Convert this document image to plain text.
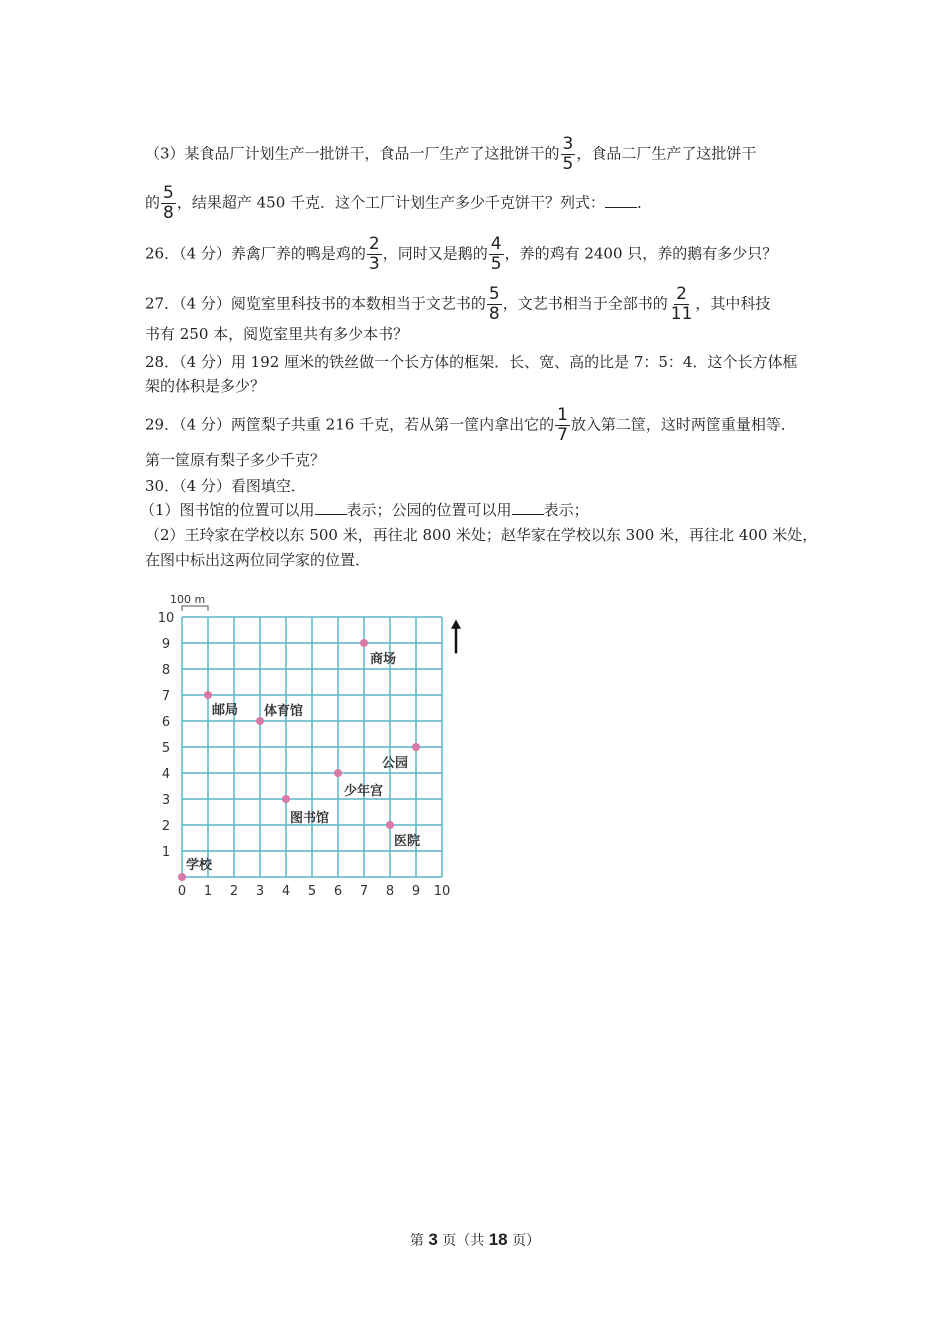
（3）某食品厂计划生产一批饼干，食品一厂生产了这批饼干的 $\frac{3}{5}$ ，食品二厂生产了这批饼干
的 $\frac{5}{8}$ ，结果超产 450 千克．这个工厂计划生产多少千克饼干？列式： ．
26．（4 分）养禽厂养的鸭是鸡的 $\frac{2}{3}$ ，同时又是鹅的 $\frac{4}{5}$ ，养的鸡有 2400 只，养的鹅有多少只？
27．（4 分）阅览室里科技书的本数相当于文艺书的 $\frac{5}{8}$ ，文艺书相当于全部书的 $\frac{2}{11}$ ，其中科技
书有 250 本，阅览室里共有多少本书？
28．（4 分）用 192 厘米的铁丝做一个长方体的框架．长、宽、高的比是 7：5：4．这个长方体框
架的体积是多少？
29．（4 分）两筐梨子共重 216 千克，若从第一筐内拿出它的 $\frac{1}{7}$ 放入第二筐，这时两筐重量相等．
第一筐原有梨子多少千克？
30．（4 分）看图填空．
（1）图书馆的位置可以用 表示；公园的位置可以用 表示；
（2）王玲家在学校以东 500 米，再往北 800 米处；赵华家在学校以东 300 米，再往北 400 米处，
在图中标出这两位同学家的位置．
100 m
0 1 2 3 4 5 6 7 8 9 10
1
2
3
4
5
6
7
8
9
10
学校
邮局 体育馆
商场
公园
少年宫
图书馆
医院
第 3 页（共 18 页）
